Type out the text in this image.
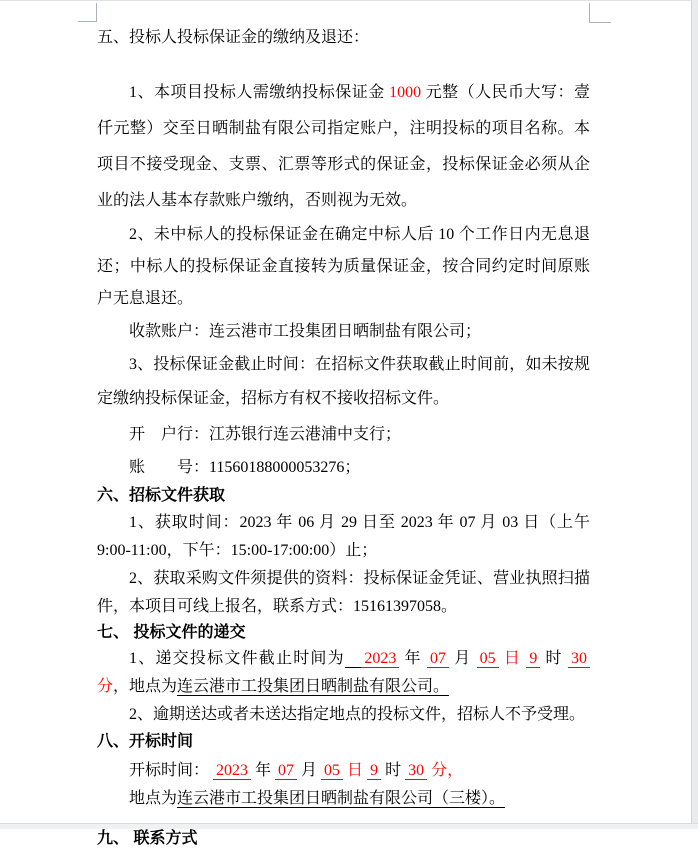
五、投标人投标保证金的缴纳及退还：

1、本项目投标人需缴纳投标保证金 1000 元整（人民币大写：壹仟元整）交至日晒制盐有限公司指定账户，注明投标的项目名称。本项目不接受现金、支票、汇票等形式的保证金，投标保证金必须从企业的法人基本存款账户缴纳，否则视为无效。

2、未中标人的投标保证金在确定中标人后 10 个工作日内无息退还；中标人的投标保证金直接转为质量保证金，按合同约定时间原账户无息退还。

收款账户：连云港市工投集团日晒制盐有限公司；

3、投标保证金截止时间：在招标文件获取截止时间前，如未按规定缴纳投标保证金，招标方有权不接收招标文件。

开　户行：江苏银行连云港浦中支行；

账　　号：11560188000053276；

六、招标文件获取

1、获取时间：2023 年 06 月 29 日至 2023 年 07 月 03 日（上午 9:00-11:00，下午：15:00-17:00:00）止；

2、获取采购文件须提供的资料：投标保证金凭证、营业执照扫描件，本项目可线上报名，联系方式：15161397058。

七、 投标文件的递交

1、递交投标文件截止时间为 2023 年 07 月 05 日 9 时 30 分，地点为连云港市工投集团日晒制盐有限公司。

2、逾期送达或者未送达指定地点的投标文件，招标人不予受理。

八、开标时间

开标时间： 2023 年 07 月 05 日 9 时 30 分，

地点为连云港市工投集团日晒制盐有限公司（三楼）。

九、 联系方式
